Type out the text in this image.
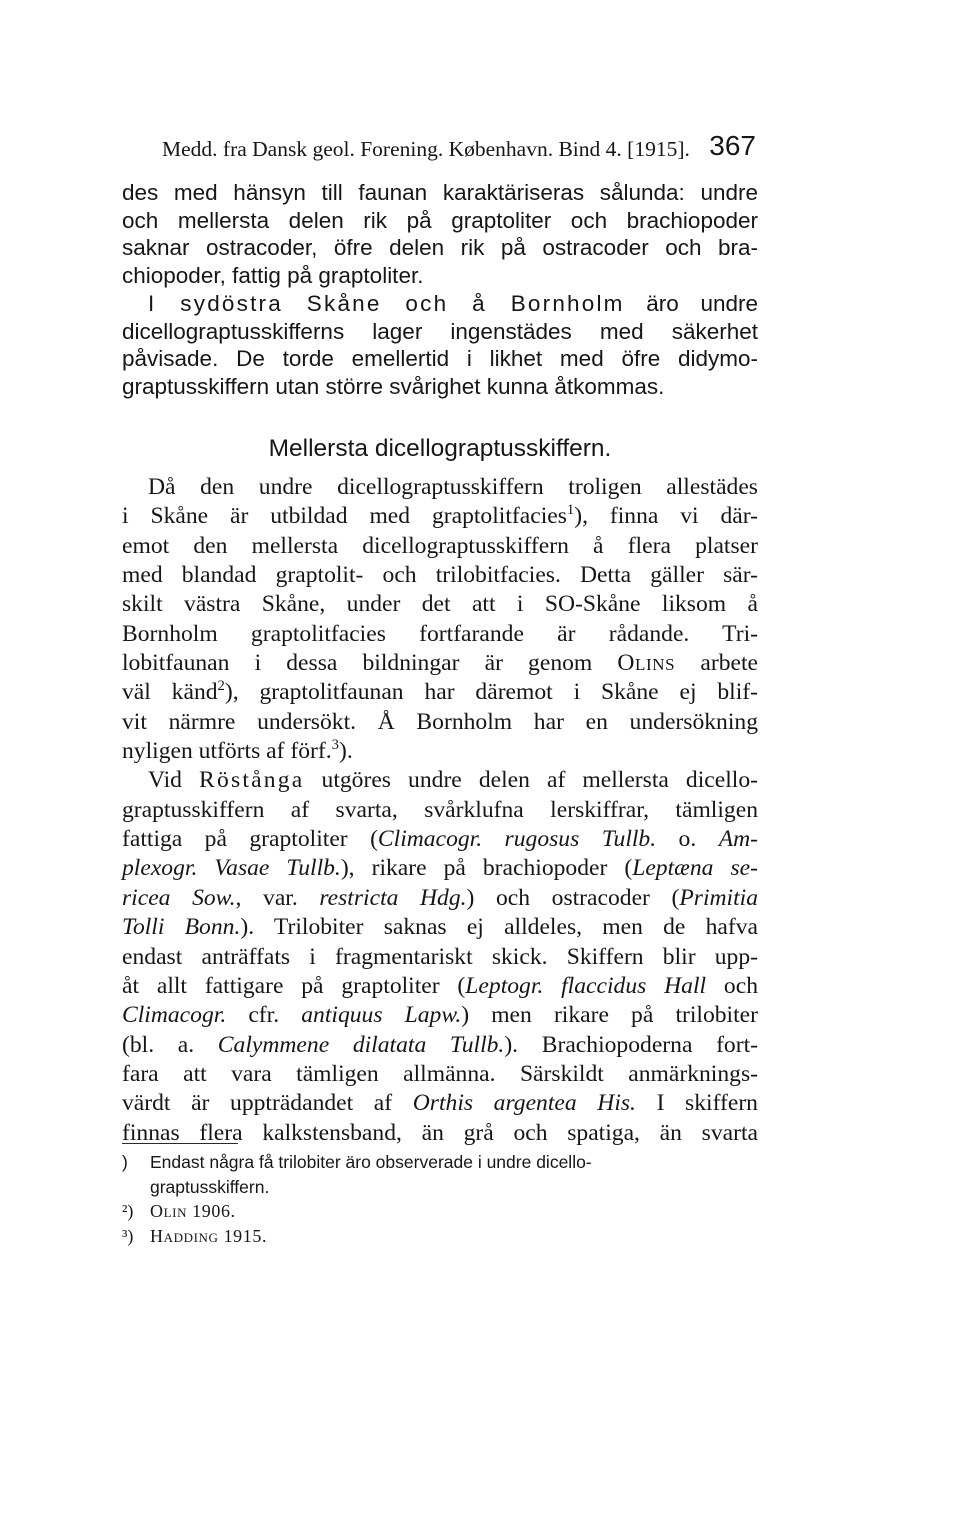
Medd. fra Dansk geol. Forening. København. Bind 4. [1915]. 367
des med hänsyn till faunan karaktäriseras sålunda: undre
och mellersta delen rik på graptoliter och brachiopoder
saknar ostracoder, öfre delen rik på ostracoder och bra-
chiopoder, fattig på graptoliter.
I sydöstra Skåne och å Bornholm äro undre
dicellograptusskifferns lager ingenstädes med säkerhet
påvisade. De torde emellertid i likhet med öfre didymo-
graptusskiffern utan större svårighet kunna åtkommas.
Mellersta dicellograptusskiffern.
Då den undre dicellograptusskiffern troligen allestädes
i Skåne är utbildad med graptolitfacies$^1$), finna vi där-
emot den mellersta dicellograptusskiffern å flera platser
med blandad graptolit- och trilobitfacies. Detta gäller sär-
skilt västra Skåne, under det att i SO-Skåne liksom å
Bornholm graptolitfacies fortfarande är rådande. Tri-
lobitfaunan i dessa bildningar är genom Olins arbete
väl känd$^2$), graptolitfaunan har däremot i Skåne ej blif-
vit närmre undersökt. Å Bornholm har en undersökning
nyligen utförts af förf.$^3$).
Vid Röstånga utgöres undre delen af mellersta dicello-
graptusskiffern af svarta, svårklufna lerskiffrar, tämligen
fattiga på graptoliter (Climacogr. rugosus Tullb. o. Am-
plexogr. Vasae Tullb.), rikare på brachiopoder (Leptæna se-
ricea Sow., var. restricta Hdg.) och ostracoder (Primitia
Tolli Bonn.). Trilobiter saknas ej alldeles, men de hafva
endast anträffats i fragmentariskt skick. Skiffern blir upp-
åt allt fattigare på graptoliter (Leptogr. flaccidus Hall och
Climacogr. cfr. antiquus Lapw.) men rikare på trilobiter
(bl. a. Calymmene dilatata Tullb.). Brachiopoderna fort-
fara att vara tämligen allmänna. Särskildt anmärknings-
värdt är uppträdandet af Orthis argentea His. I skiffern
finnas flera kalkstensband, än grå och spatiga, än svarta
) Endast några få trilobiter äro observerade i undre dicello-
graptusskiffern.
²) Olin 1906.
³) Hadding 1915.
